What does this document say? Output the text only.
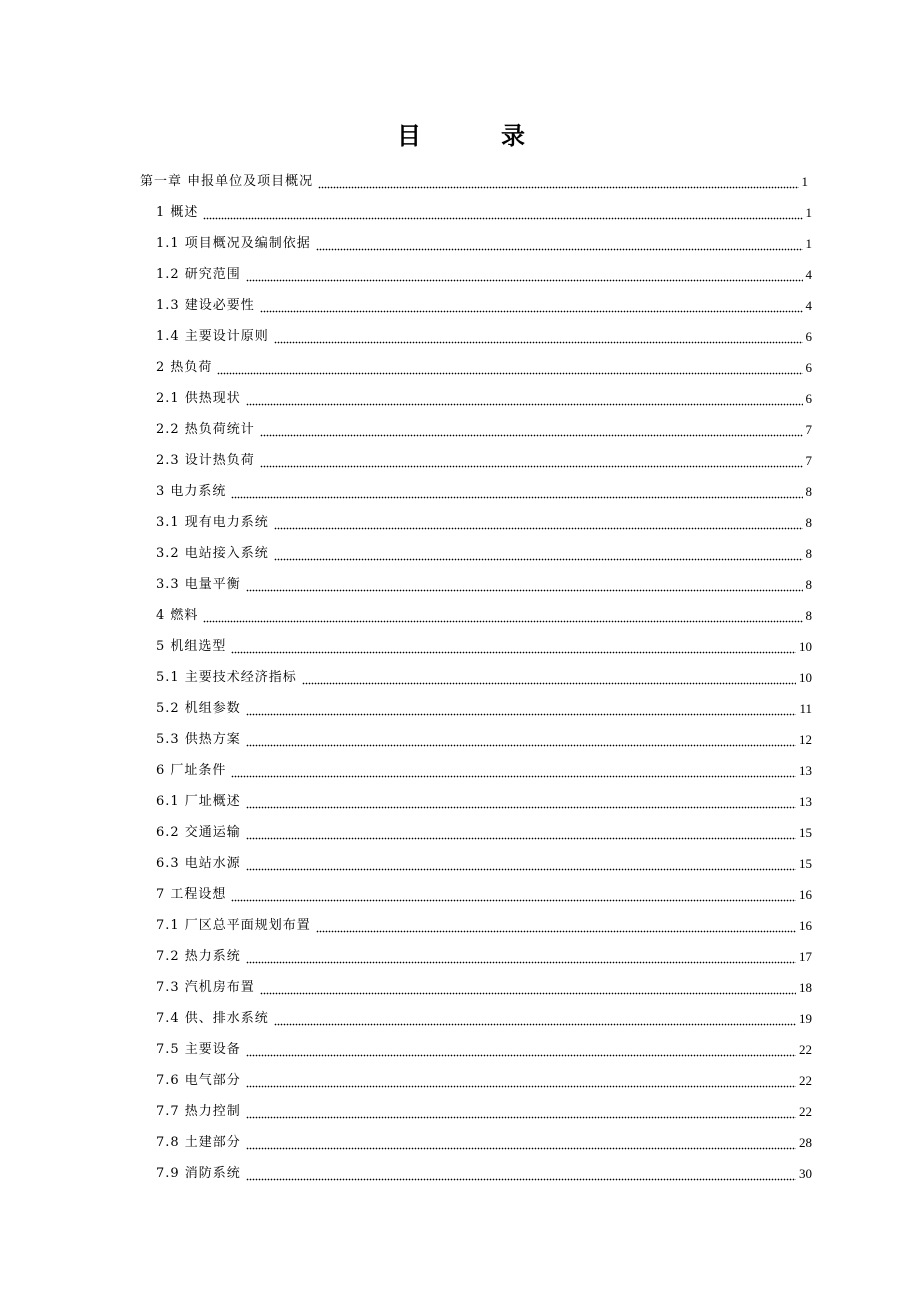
目　录
第一章 申报单位及项目概况	1
1 概述	1
1.1 项目概况及编制依据	1
1.2 研究范围	4
1.3 建设必要性	4
1.4 主要设计原则	6
2 热负荷	6
2.1 供热现状	6
2.2 热负荷统计	7
2.3 设计热负荷	7
3 电力系统	8
3.1 现有电力系统	8
3.2 电站接入系统	8
3.3 电量平衡	8
4 燃料	8
5 机组选型	10
5.1 主要技术经济指标	10
5.2 机组参数	11
5.3 供热方案	12
6 厂址条件	13
6.1 厂址概述	13
6.2 交通运输	15
6.3 电站水源	15
7 工程设想	16
7.1 厂区总平面规划布置	16
7.2 热力系统	17
7.3 汽机房布置	18
7.4 供、排水系统	19
7.5 主要设备	22
7.6 电气部分	22
7.7 热力控制	22
7.8 土建部分	28
7.9 消防系统	30
